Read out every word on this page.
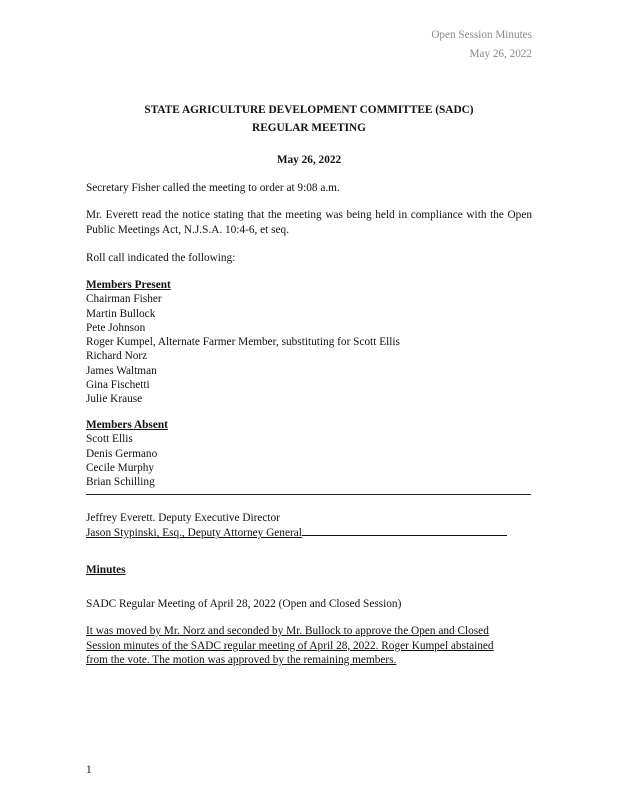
Open Session Minutes
May 26, 2022
STATE AGRICULTURE DEVELOPMENT COMMITTEE (SADC)
REGULAR MEETING
May 26, 2022
Secretary Fisher called the meeting to order at 9:08 a.m.
Mr. Everett read the notice stating that the meeting was being held in compliance with the Open Public Meetings Act, N.J.S.A. 10:4-6, et seq.
Roll call indicated the following:
Members Present
Chairman Fisher
Martin Bullock
Pete Johnson
Roger Kumpel, Alternate Farmer Member, substituting for Scott Ellis
Richard Norz
James Waltman
Gina Fischetti
Julie Krause
Members Absent
Scott Ellis
Denis Germano
Cecile Murphy
Brian Schilling
Jeffrey Everett. Deputy Executive Director
Jason Stypinski, Esq., Deputy Attorney General
Minutes
SADC Regular Meeting of April 28, 2022 (Open and Closed Session)
It was moved by Mr. Norz and seconded by Mr. Bullock to approve the Open and Closed
Session minutes of the SADC regular meeting of April 28, 2022. Roger Kumpel abstained
from the vote. The motion was approved by the remaining members.
1
